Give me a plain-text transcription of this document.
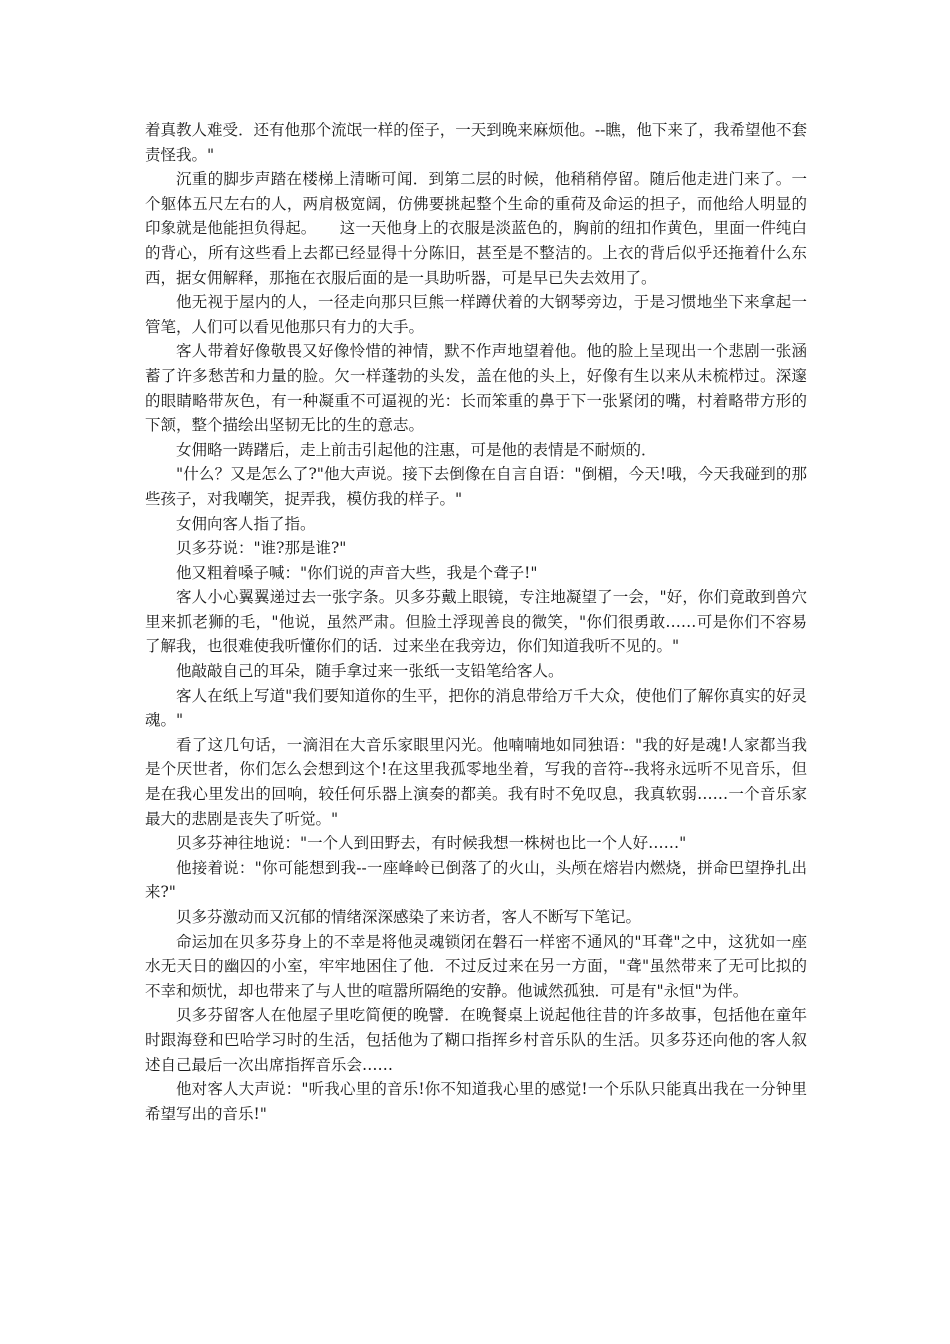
着真教人难受．还有他那个流氓一样的侄子，一天到晚来麻烦他。--瞧，他下来了，我希望他不套责怪我。"

沉重的脚步声踏在楼梯上清晰可闻．到第二层的时候，他稍稍停留。随后他走进门来了。一个躯体五尺左右的人，两肩极宽阔，仿佛要挑起整个生命的重荷及命运的担子，而他给人明显的印象就是他能担负得起。　　这一天他身上的衣服是淡蓝色的，胸前的纽扣作黄色，里面一件纯白的背心，所有这些看上去都已经显得十分陈旧，甚至是不整洁的。上衣的背后似乎还拖着什么东西，据女佣解释，那拖在衣服后面的是一具助听器，可是早已失去效用了。

他无视于屋内的人，一径走向那只巨熊一样蹲伏着的大钢琴旁边，于是习惯地坐下来拿起一管笔，人们可以看见他那只有力的大手。

客人带着好像敬畏又好像怜惜的神情，默不作声地望着他。他的脸上呈现出一个悲剧一张涵蓄了许多愁苦和力量的脸。欠一样蓬勃的头发，盖在他的头上，好像有生以来从未梳栉过。深邃的眼睛略带灰色，有一种凝重不可逼视的光：长而笨重的鼻于下一张紧闭的嘴，村着略带方形的下颔，整个描绘出坚韧无比的生的意志。

女佣略一踌躇后，走上前击引起他的注惠，可是他的表情是不耐烦的．

"什么？又是怎么了?"他大声说。接下去倒像在自言自语："倒楣，今天!哦，今天我碰到的那些孩子，对我嘲笑，捉弄我，模仿我的样子。"

女佣向客人指了指。

贝多芬说："谁?那是谁?"

他又粗着嗓子喊："你们说的声音大些，我是个聋子!"

客人小心翼翼递过去一张字条。贝多芬戴上眼镜，专注地凝望了一会，"好，你们竟敢到兽穴里来抓老狮的毛，"他说，虽然严肃。但脸土浮现善良的微笑，"你们很勇敢……可是你们不容易了解我，也很难使我听懂你们的话．过来坐在我旁边，你们知道我听不见的。"

他敲敲自己的耳朵，随手拿过来一张纸一支铅笔给客人。

客人在纸上写道"我们要知道你的生平，把你的消息带给万千大众，使他们了解你真实的好灵魂。"

看了这几句话，一滴泪在大音乐家眼里闪光。他喃喃地如同独语："我的好是魂!人家都当我是个厌世者，你们怎么会想到这个!在这里我孤零地坐着，写我的音符--我将永远听不见音乐，但是在我心里发出的回响，较任何乐器上演奏的都美。我有时不免叹息，我真软弱……一个音乐家最大的悲剧是丧失了听觉。"

贝多芬神往地说："一个人到田野去，有时候我想一株树也比一个人好……"

他接着说："你可能想到我--一座峰岭已倒落了的火山，头颅在熔岩内燃烧，拼命巴望挣扎出来?"

贝多芬激动而又沉郁的情绪深深感染了来访者，客人不断写下笔记。

命运加在贝多芬身上的不幸是将他灵魂锁闭在磐石一样密不通风的"耳聋"之中，这犹如一座水无天日的幽囚的小室，牢牢地困住了他．不过反过来在另一方面，"聋"虽然带来了无可比拟的不幸和烦忧，却也带来了与人世的喧嚣所隔绝的安静。他诚然孤独．可是有"永恒"为伴。

贝多芬留客人在他屋子里吃简便的晚譬．在晚餐桌上说起他往昔的许多故事，包括他在童年时跟海登和巴哈学习时的生活，包括他为了糊口指挥乡村音乐队的生活。贝多芬还向他的客人叙述自己最后一次出席指挥音乐会……

他对客人大声说："听我心里的音乐!你不知道我心里的感觉!一个乐队只能真出我在一分钟里希望写出的音乐!"
